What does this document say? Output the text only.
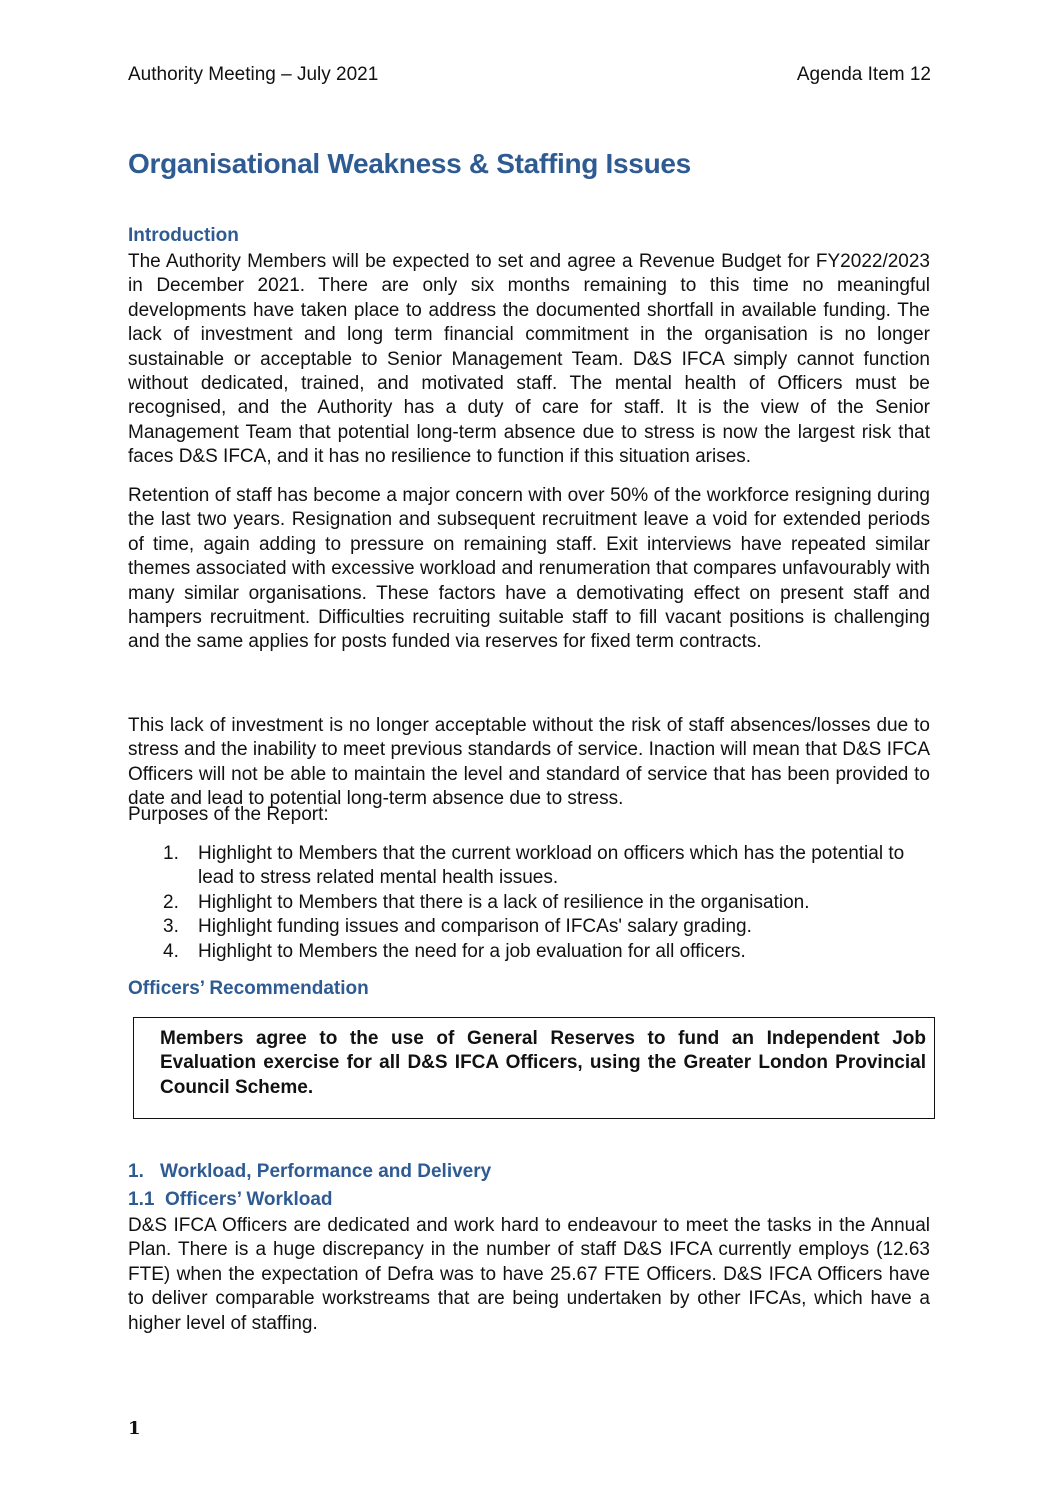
Authority Meeting – July 2021	Agenda Item 12
Organisational Weakness & Staffing Issues
Introduction

The Authority Members will be expected to set and agree a Revenue Budget for FY2022/2023 in December 2021. There are only six months remaining to this time no meaningful developments have taken place to address the documented shortfall in available funding. The lack of investment and long term financial commitment in the organisation is no longer sustainable or acceptable to Senior Management Team. D&S IFCA simply cannot function without dedicated, trained, and motivated staff. The mental health of Officers must be recognised, and the Authority has a duty of care for staff. It is the view of the Senior Management Team that potential long-term absence due to stress is now the largest risk that faces D&S IFCA, and it has no resilience to function if this situation arises.

Retention of staff has become a major concern with over 50% of the workforce resigning during the last two years. Resignation and subsequent recruitment leave a void for extended periods of time, again adding to pressure on remaining staff. Exit interviews have repeated similar themes associated with excessive workload and renumeration that compares unfavourably with many similar organisations. These factors have a demotivating effect on present staff and hampers recruitment. Difficulties recruiting suitable staff to fill vacant positions is challenging and the same applies for posts funded via reserves for fixed term contracts.

This lack of investment is no longer acceptable without the risk of staff absences/losses due to stress and the inability to meet previous standards of service. Inaction will mean that D&S IFCA Officers will not be able to maintain the level and standard of service that has been provided to date and lead to potential long-term absence due to stress.

Purposes of the Report:

1. Highlight to Members that the current workload on officers which has the potential to lead to stress related mental health issues.
2. Highlight to Members that there is a lack of resilience in the organisation.
3. Highlight funding issues and comparison of IFCAs' salary grading.
4. Highlight to Members the need for a job evaluation for all officers.
Officers’ Recommendation

Members agree to the use of General Reserves to fund an Independent Job Evaluation exercise for all D&S IFCA Officers, using the Greater London Provincial Council Scheme.

1. Workload, Performance and Delivery
1.1 Officers’ Workload

D&S IFCA Officers are dedicated and work hard to endeavour to meet the tasks in the Annual Plan. There is a huge discrepancy in the number of staff D&S IFCA currently employs (12.63 FTE) when the expectation of Defra was to have 25.67 FTE Officers. D&S IFCA Officers have to deliver comparable workstreams that are being undertaken by other IFCAs, which have a higher level of staffing.

1
